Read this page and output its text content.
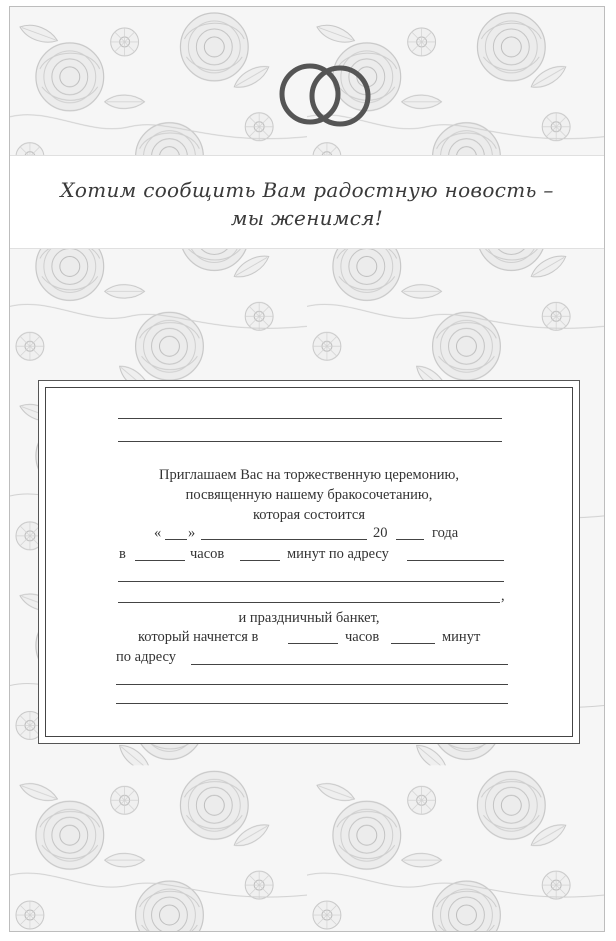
Хотим сообщить Вам радостную новость –
мы женимся!
Приглашаем Вас на торжественную церемонию,
посвященную нашему бракосочетанию,
которая состоится
« »	20	года
в	часов	минут по адресу
,
и праздничный банкет,
который начнется в	часов	минут
по адресу
